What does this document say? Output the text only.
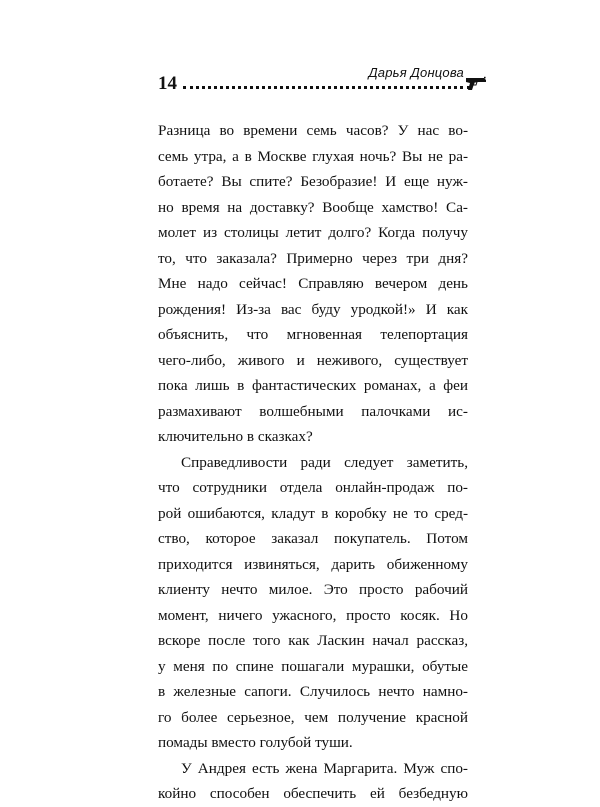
14
Дарья Донцова
Разница во времени семь часов? У нас во-
семь утра, а в Москве глухая ночь? Вы не ра-
ботаете? Вы спите? Безобразие! И еще нуж-
но время на доставку? Вообще хамство! Са-
молет из столицы летит долго? Когда получу
то, что заказала? Примерно через три дня?
Мне надо сейчас! Справляю вечером день
рождения! Из-за вас буду уродкой!» И как
объяснить, что мгновенная телепортация
чего-либо, живого и неживого, существует
пока лишь в фантастических романах, а феи
размахивают волшебными палочками ис-
ключительно в сказках?
Справедливости ради следует заметить,
что сотрудники отдела онлайн-продаж по-
рой ошибаются, кладут в коробку не то сред-
ство, которое заказал покупатель. Потом
приходится извиняться, дарить обиженному
клиенту нечто милое. Это просто рабочий
момент, ничего ужасного, просто косяк. Но
вскоре после того как Ласкин начал рассказ,
у меня по спине пошагали мурашки, обутые
в железные сапоги. Случилось нечто намно-
го более серьезное, чем получение красной
помады вместо голубой туши.
У Андрея есть жена Маргарита. Муж спо-
койно способен обеспечить ей безбедную
